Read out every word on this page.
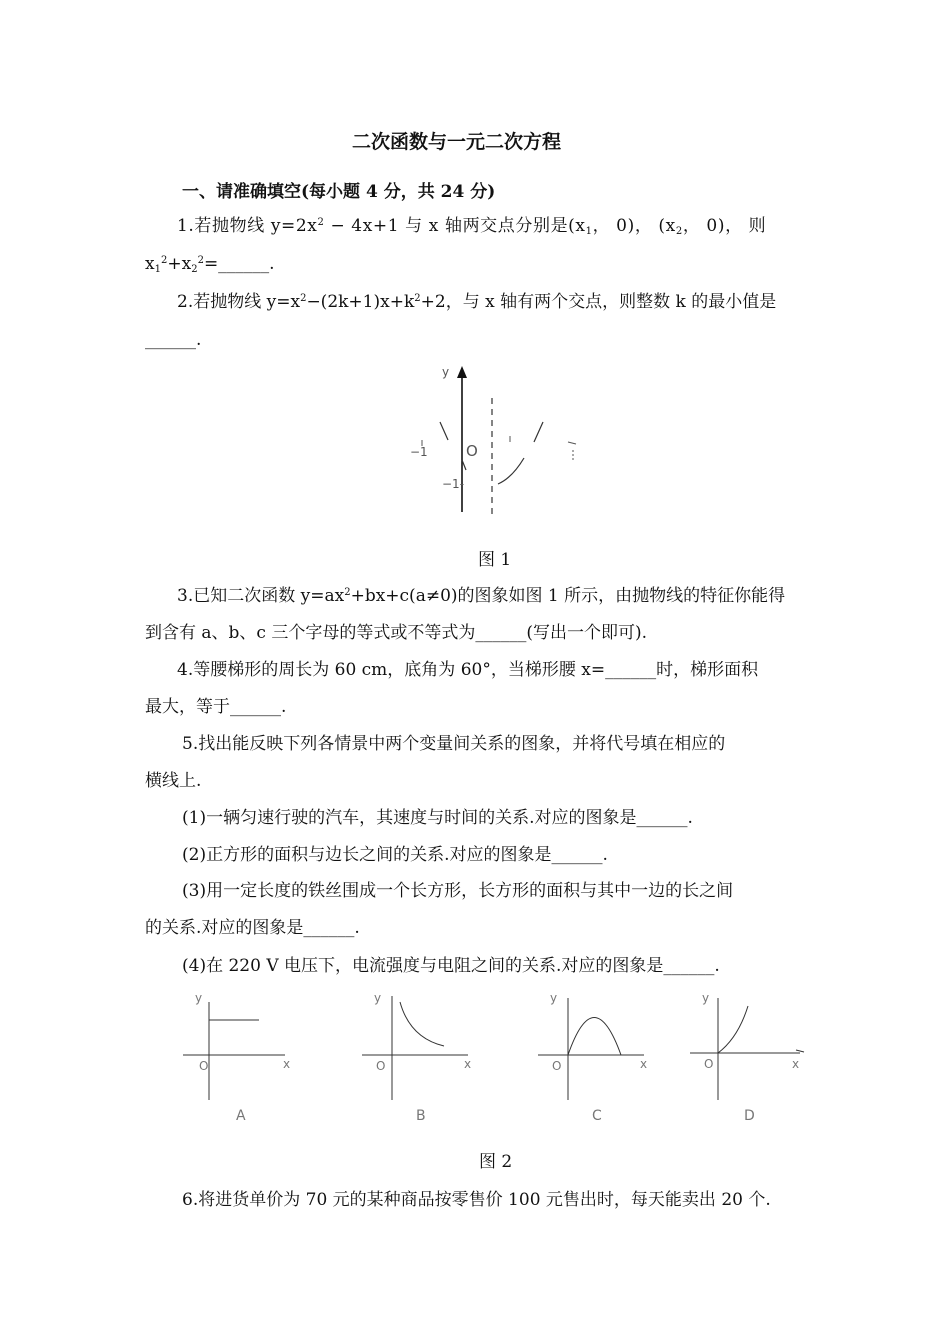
二次函数与一元二次方程
一、请准确填空(每小题 4 分，共 24 分)
1.若抛物线 $y=2x^2 - 4x+1$ 与 x 轴两交点分别是($x_1$， 0)， ($x_2$， 0)， 则
$x_1^2+x_2^2=\_\_\_\_\_\_$.
2.若抛物线 $y=x^2-(2k+1)x+k^2+2$，与 x 轴有两个交点，则整数 k 的最小值是
______.
y
O
−1
−1-
图 1
3.已知二次函数 $y=ax^2+bx+c(a\ne 0)$的图象如图 1 所示，由抛物线的特征你能得
到含有 a、b、c 三个字母的等式或不等式为______(写出一个即可).
4.等腰梯形的周长为 60 cm，底角为 60°，当梯形腰 x=______时，梯形面积
最大，等于______.
5.找出能反映下列各情景中两个变量间关系的图象，并将代号填在相应的
横线上.
(1)一辆匀速行驶的汽车，其速度与时间的关系.对应的图象是______.
(2)正方形的面积与边长之间的关系.对应的图象是______.
(3)用一定长度的铁丝围成一个长方形，长方形的面积与其中一边的长之间
的关系.对应的图象是______.
(4)在 220 V 电压下，电流强度与电阻之间的关系.对应的图象是______.
y
O	x
A
y
O	x
B
y
O	x
C
y
O	x
D
图 2
6.将进货单价为 70 元的某种商品按零售价 100 元售出时，每天能卖出 20 个.
